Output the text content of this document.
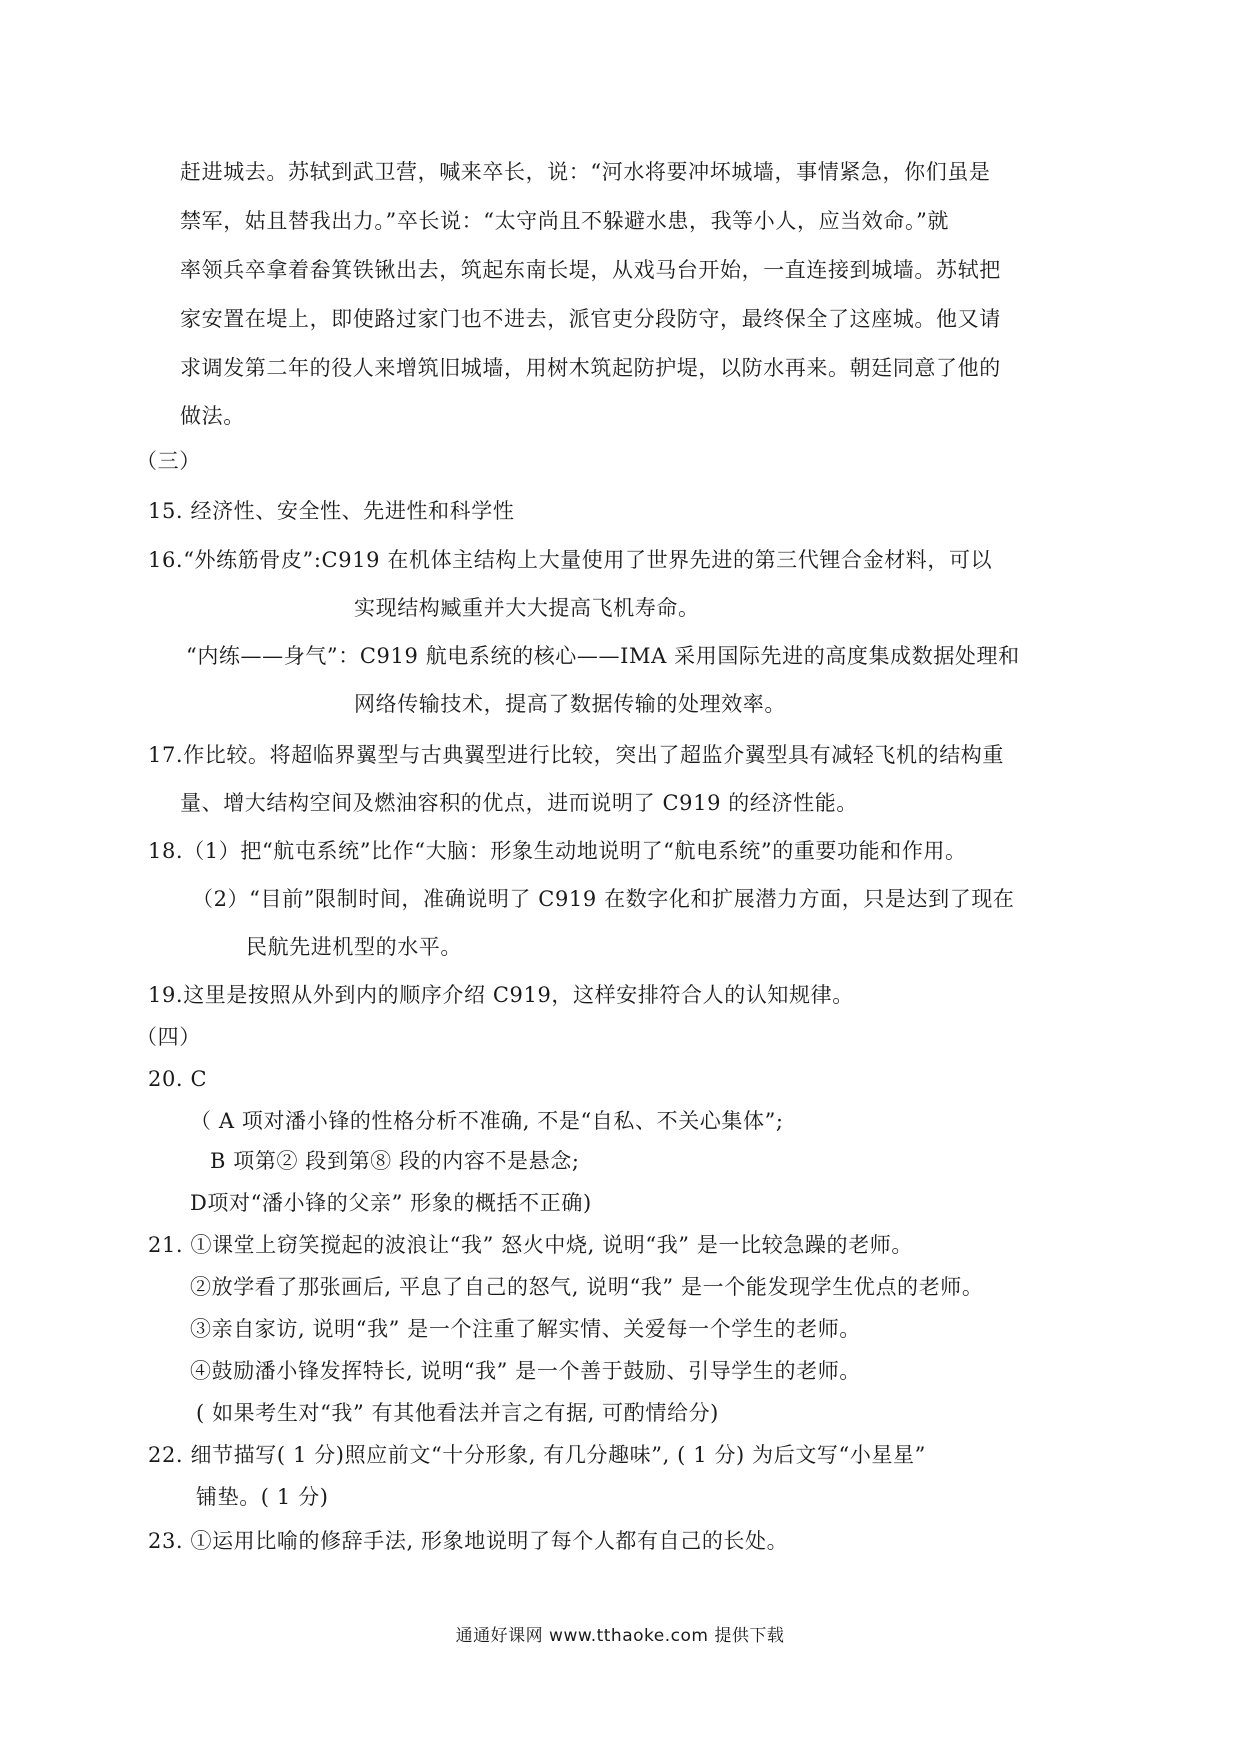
赶进城去。苏轼到武卫营，喊来卒长，说：“河水将要冲坏城墙，事情紧急，你们虽是
禁军，姑且替我出力。”卒长说：“太守尚且不躲避水患，我等小人，应当效命。”就
率领兵卒拿着畚箕铁锹出去，筑起东南长堤，从戏马台开始，一直连接到城墙。苏轼把
家安置在堤上，即使路过家门也不进去，派官吏分段防守，最终保全了这座城。他又请
求调发第二年的役人来增筑旧城墙，用树木筑起防护堤，以防水再来。朝廷同意了他的
做法。
（三）
15. 经济性、安全性、先进性和科学性
16.“外练筋骨皮”:C919 在机体主结构上大量使用了世界先进的第三代锂合金材料，可以
实现结构臧重并大大提高飞机寿命。
“内练——身气”：C919 航电系统的核心——IMA 采用国际先进的高度集成数据处理和
网络传输技术，提高了数据传输的处理效率。
17.作比较。将超临界翼型与古典翼型进行比较，突出了超监介翼型具有减轻飞机的结构重
量、增大结构空间及燃油容积的优点，进而说明了 C919 的经济性能。
18.（1）把“航屯系统”比作“大脑：形象生动地说明了“航电系统”的重要功能和作用。
（2）“目前”限制时间，准确说明了 C919 在数字化和扩展潜力方面，只是达到了现在
民航先进机型的水平。
19.这里是按照从外到内的顺序介绍 C919，这样安排符合人的认知规律。
（四）
20. C
（ A 项对潘小锋的性格分析不准确, 不是“自私、不关心集体”;
B 项第② 段到第⑧ 段的内容不是悬念;
D项对“潘小锋的父亲” 形象的概括不正确)
21. ①课堂上窃笑搅起的波浪让“我” 怒火中烧, 说明“我” 是一比较急躁的老师。
②放学看了那张画后, 平息了自己的怒气, 说明“我” 是一个能发现学生优点的老师。
③亲自家访, 说明“我” 是一个注重了解实情、关爱每一个学生的老师。
④鼓励潘小锋发挥特长, 说明“我” 是一个善于鼓励、引导学生的老师。
( 如果考生对“我” 有其他看法并言之有据, 可酌情给分)
22. 细节描写( 1 分)照应前文“十分形象, 有几分趣味”, ( 1 分) 为后文写“小星星”
铺垫。( 1 分)
23. ①运用比喻的修辞手法, 形象地说明了每个人都有自己的长处。
通通好课网 www.tthaoke.com 提供下载
